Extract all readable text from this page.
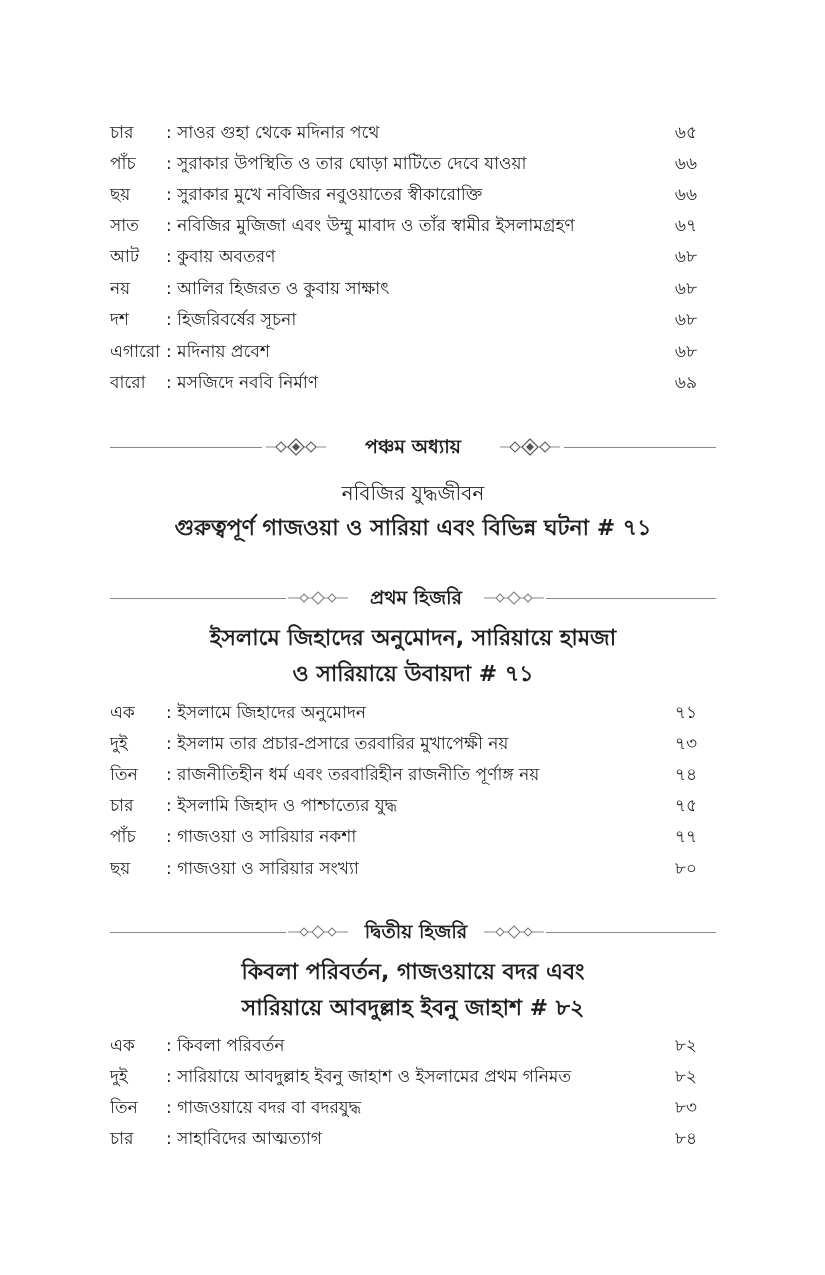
চার : সাওর গুহা থেকে মদিনার পথে	৬৫
পাঁচ : সুরাকার উপস্থিতি ও তার ঘোড়া মাটিতে দেবে যাওয়া	৬৬
ছয় : সুরাকার মুখে নবিজির নবুওয়াতের স্বীকারোক্তি	৬৬
সাত : নবিজির মুজিজা এবং উম্মু মাবাদ ও তাঁর স্বামীর ইসলামগ্রহণ	৬৭
আট : কুবায় অবতরণ	৬৮
নয় : আলির হিজরত ও কুবায় সাক্ষাৎ	৬৮
দশ : হিজরিবর্ষের সূচনা	৬৮
এগারো : মদিনায় প্রবেশ	৬৮
বারো : মসজিদে নববি নির্মাণ	৬৯
পঞ্চম অধ্যায়
নবিজির যুদ্ধজীবন
গুরুত্বপূর্ণ গাজওয়া ও সারিয়া এবং বিভিন্ন ঘটনা # ৭১
প্রথম হিজরি
ইসলামে জিহাদের অনুমোদন, সারিয়ায়ে হামজা
ও সারিয়ায়ে উবায়দা # ৭১
এক : ইসলামে জিহাদের অনুমোদন	৭১
দুই : ইসলাম তার প্রচার-প্রসারে তরবারির মুখাপেক্ষী নয়	৭৩
তিন : রাজনীতিহীন ধর্ম এবং তরবারিহীন রাজনীতি পূর্ণাঙ্গ নয়	৭৪
চার : ইসলামি জিহাদ ও পাশ্চাত্যের যুদ্ধ	৭৫
পাঁচ : গাজওয়া ও সারিয়ার নকশা	৭৭
ছয় : গাজওয়া ও সারিয়ার সংখ্যা	৮০
দ্বিতীয় হিজরি
কিবলা পরিবর্তন, গাজওয়ায়ে বদর এবং
সারিয়ায়ে আবদুল্লাহ ইবনু জাহাশ # ৮২
এক : কিবলা পরিবর্তন	৮২
দুই : সারিয়ায়ে আবদুল্লাহ ইবনু জাহাশ ও ইসলামের প্রথম গনিমত	৮২
তিন : গাজওয়ায়ে বদর বা বদরযুদ্ধ	৮৩
চার : সাহাবিদের আত্মত্যাগ	৮৪
